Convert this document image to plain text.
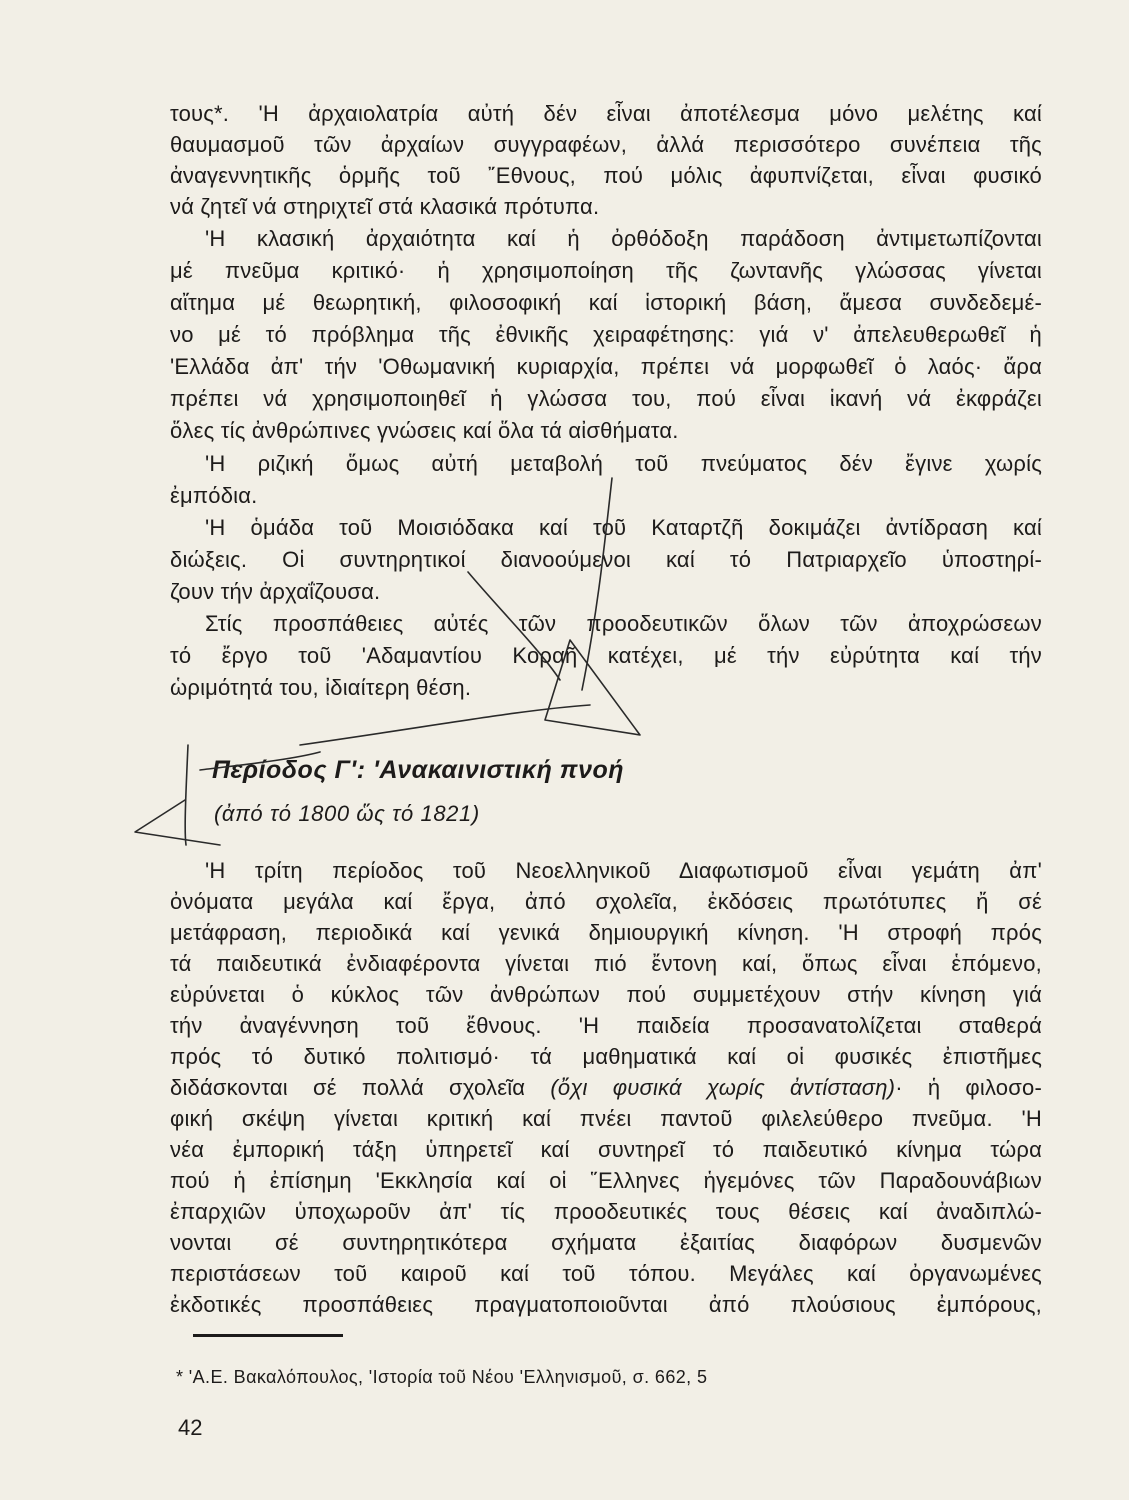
τους*. 'Η ἀρχαιολατρία αὐτή δέν εἶναι ἀποτέλεσμα μόνο μελέτης καί
θαυμασμοῦ τῶν ἀρχαίων συγγραφέων, ἀλλά περισσότερο συνέπεια τῆς
ἀναγεννητικῆς ὁρμῆς τοῦ ῎Εθνους, πού μόλις ἀφυπνίζεται, εἶναι φυσικό
νά ζητεῖ νά στηριχτεῖ στά κλασικά πρότυπα.
'Η κλασική ἀρχαιότητα καί ἡ ὀρθόδοξη παράδοση ἀντιμετωπίζονται
μέ πνεῦμα κριτικό· ἡ χρησιμοποίηση τῆς ζωντανῆς γλώσσας γίνεται
αἴτημα μέ θεωρητική, φιλοσοφική καί ἱστορική βάση, ἄμεσα συνδεδεμέ-
νο μέ τό πρόβλημα τῆς ἐθνικῆς χειραφέτησης: γιά ν' ἀπελευθερωθεῖ ἡ
'Ελλάδα ἀπ' τήν 'Οθωμανική κυριαρχία, πρέπει νά μορφωθεῖ ὁ λαός· ἄρα
πρέπει νά χρησιμοποιηθεῖ ἡ γλώσσα του, πού εἶναι ἱκανή νά ἐκφράζει
ὅλες τίς ἀνθρώπινες γνώσεις καί ὅλα τά αἰσθήματα.
'Η ριζική ὅμως αὐτή μεταβολή τοῦ πνεύματος δέν ἔγινε χωρίς
ἐμπόδια.
'Η ὁμάδα τοῦ Μοισιόδακα καί τοῦ Καταρτζῆ δοκιμάζει ἀντίδραση καί
διώξεις. Οἱ συντηρητικοί διανοούμενοι καί τό Πατριαρχεῖο ὑποστηρί-
ζουν τήν ἀρχαΐζουσα.
Στίς προσπάθειες αὐτές τῶν προοδευτικῶν ὅλων τῶν ἀποχρώσεων
τό ἔργο τοῦ 'Αδαμαντίου Κοραῆ κατέχει, μέ τήν εὐρύτητα καί τήν
ὡριμότητά του, ἰδιαίτερη θέση.
Περίοδος Γ': 'Ανακαινιστική πνοή
(ἀπό τό 1800 ὥς τό 1821)
'Η τρίτη περίοδος τοῦ Νεοελληνικοῦ Διαφωτισμοῦ εἶναι γεμάτη ἀπ'
ὀνόματα μεγάλα καί ἔργα, ἀπό σχολεῖα, ἐκδόσεις πρωτότυπες ἤ σέ
μετάφραση, περιοδικά καί γενικά δημιουργική κίνηση. 'Η στροφή πρός
τά παιδευτικά ἐνδιαφέροντα γίνεται πιό ἔντονη καί, ὅπως εἶναι ἑπόμενο,
εὐρύνεται ὁ κύκλος τῶν ἀνθρώπων πού συμμετέχουν στήν κίνηση γιά
τήν ἀναγέννηση τοῦ ἔθνους. 'Η παιδεία προσανατολίζεται σταθερά
πρός τό δυτικό πολιτισμό· τά μαθηματικά καί οἱ φυσικές ἐπιστῆμες
διδάσκονται σέ πολλά σχολεῖα (ὄχι φυσικά χωρίς ἀντίσταση)· ἡ φιλοσο-
φική σκέψη γίνεται κριτική καί πνέει παντοῦ φιλελεύθερο πνεῦμα. 'Η
νέα ἐμπορική τάξη ὑπηρετεῖ καί συντηρεῖ τό παιδευτικό κίνημα τώρα
πού ἡ ἐπίσημη 'Εκκλησία καί οἱ ῞Ελληνες ἡγεμόνες τῶν Παραδουνάβιων
ἐπαρχιῶν ὑποχωροῦν ἀπ' τίς προοδευτικές τους θέσεις καί ἀναδιπλώ-
νονται σέ συντηρητικότερα σχήματα ἐξαιτίας διαφόρων δυσμενῶν
περιστάσεων τοῦ καιροῦ καί τοῦ τόπου. Μεγάλες καί ὀργανωμένες
ἐκδοτικές προσπάθειες πραγματοποιοῦνται ἀπό πλούσιους ἐμπόρους,
* 'Α.Ε. Βακαλόπουλος, 'Ιστορία τοῦ Νέου 'Ελληνισμοῦ, σ. 662, 5
42
